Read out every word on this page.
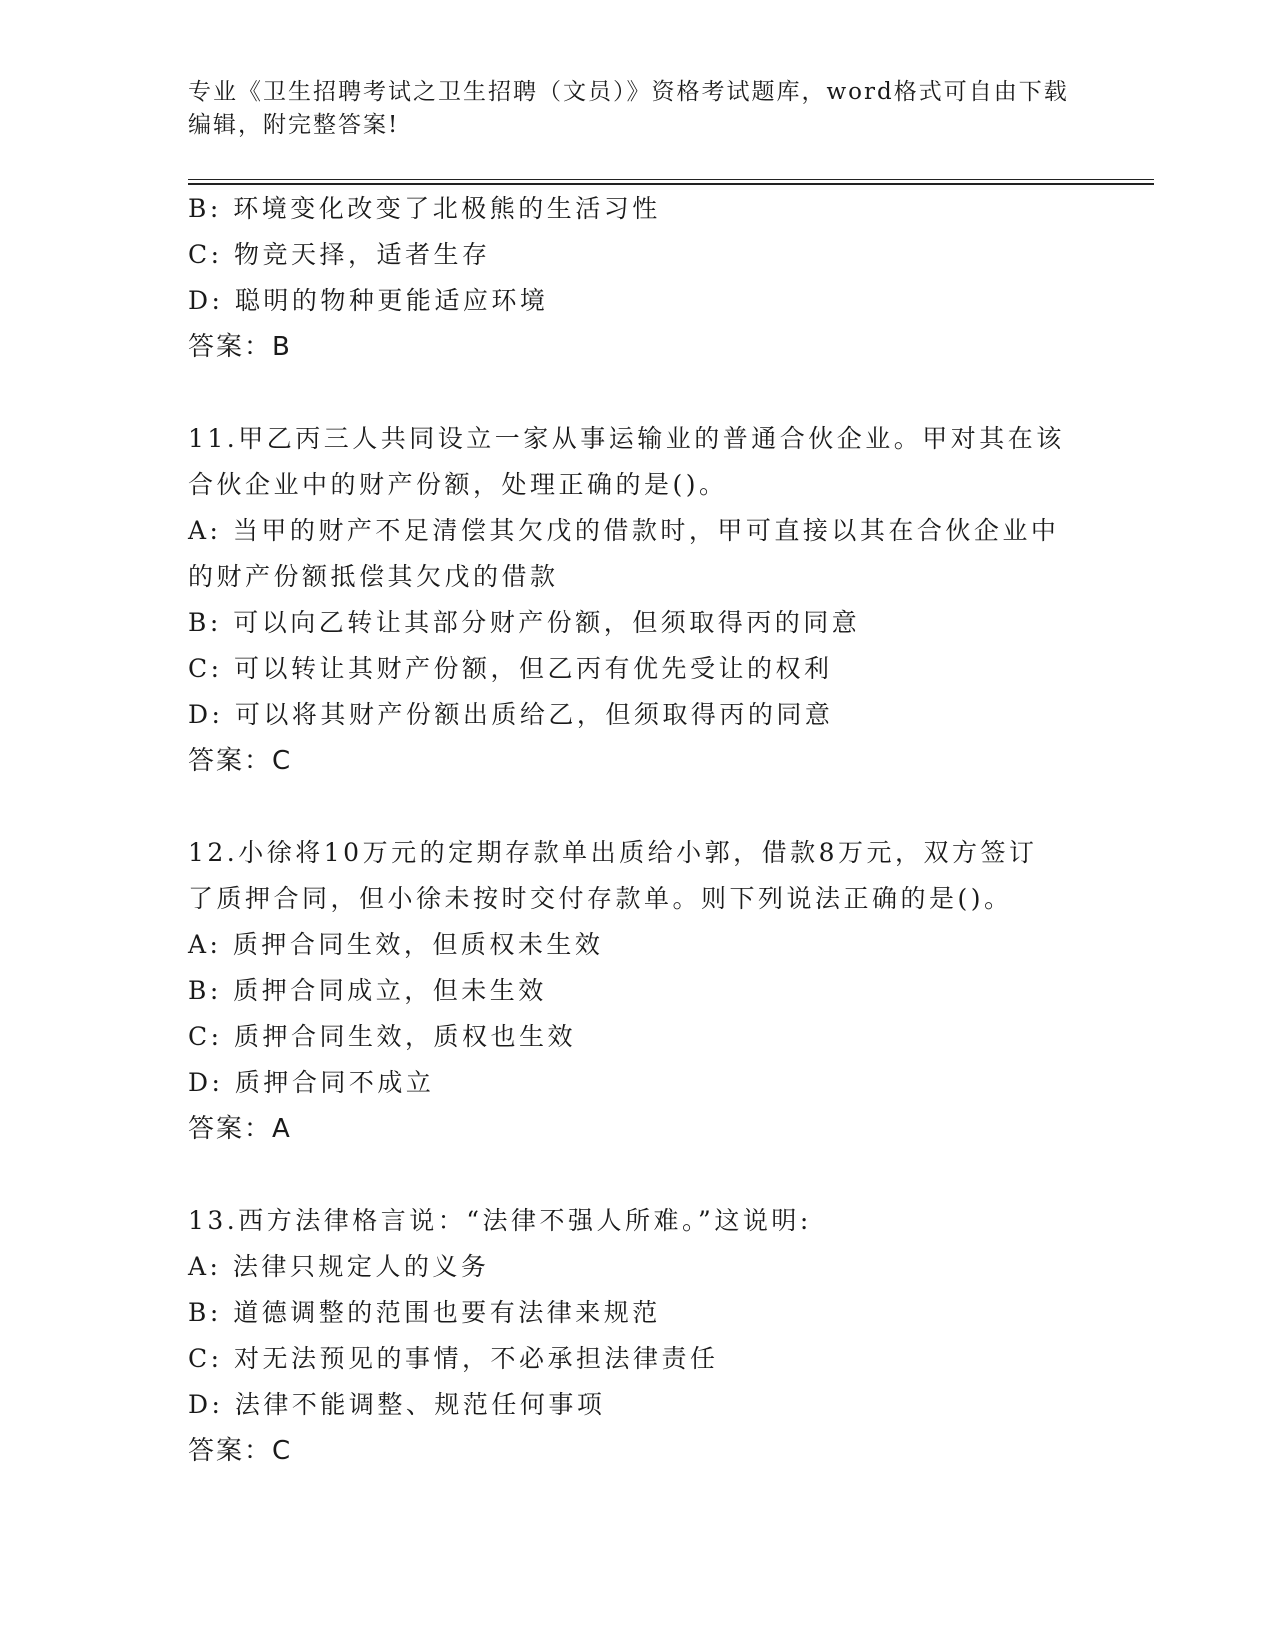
专业《卫生招聘考试之卫生招聘（文员）》资格考试题库，word格式可自由下载
编辑，附完整答案!
B: 环境变化改变了北极熊的生活习性
C: 物竞天择，适者生存
D: 聪明的物种更能适应环境
答案：B
11.甲乙丙三人共同设立一家从事运输业的普通合伙企业。甲对其在该
合伙企业中的财产份额，处理正确的是()。
A: 当甲的财产不足清偿其欠戊的借款时，甲可直接以其在合伙企业中
的财产份额抵偿其欠戊的借款
B: 可以向乙转让其部分财产份额，但须取得丙的同意
C: 可以转让其财产份额，但乙丙有优先受让的权利
D: 可以将其财产份额出质给乙，但须取得丙的同意
答案：C
12.小徐将10万元的定期存款单出质给小郭，借款8万元，双方签订
了质押合同，但小徐未按时交付存款单。则下列说法正确的是()。
A: 质押合同生效，但质权未生效
B: 质押合同成立，但未生效
C: 质押合同生效，质权也生效
D: 质押合同不成立
答案：A
13.西方法律格言说：“法律不强人所难。”这说明:
A: 法律只规定人的义务
B: 道德调整的范围也要有法律来规范
C: 对无法预见的事情，不必承担法律责任
D: 法律不能调整、规范任何事项
答案：C
